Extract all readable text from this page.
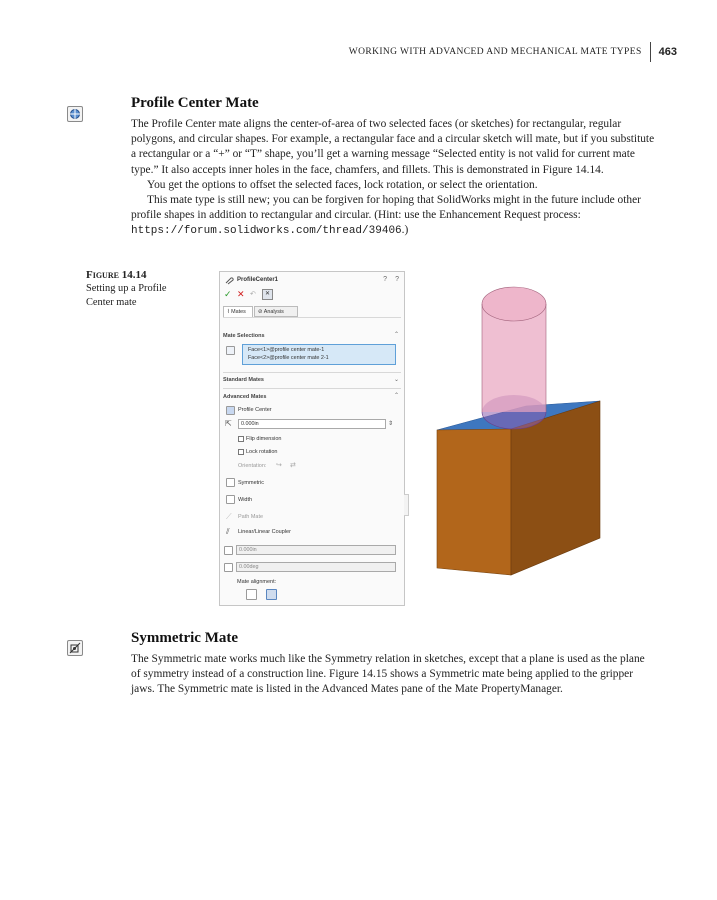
WORKING WITH ADVANCED AND MECHANICAL MATE TYPES 463
Profile Center Mate

The Profile Center mate aligns the center-of-area of two selected faces (or sketches) for rectangular, regular polygons, and circular shapes. For example, a rectangular face and a circular sketch will mate, but if you substitute a rectangular or a “+” or “T” shape, you’ll get a warning message “Selected entity is not valid for current mate type.” It also accepts inner holes in the face, chamfers, and fillets. This is demonstrated in Figure 14.14.

You get the options to offset the selected faces, lock rotation, or select the orientation.

This mate type is still new; you can be forgiven for hoping that SolidWorks might in the future include other profile shapes in addition to rectangular and circular. (Hint: use the Enhancement Request process: https://forum.solidworks.com/thread/39406.)

Figure 14.14
Setting up a Profile Center mate
ProfileCenter1	? ?
✓ ✕ ↶	✕
⌇ Mates	⊘ Analysis
Mate Selections	⌃
Face<1>@profile center mate-1
Face<2>@profile center mate 2-1
Standard Mates	⌄
Advanced Mates	⌃
Profile Center
⇱	0.000in	⇕
Flip dimension
Lock rotation
Orientation: ↪ ⇄
Symmetric
Width
⟋ Path Mate
⫽ Linear/Linear Coupler
0.000in
0.00deg
Mate alignment:
Symmetric Mate

The Symmetric mate works much like the Symmetry relation in sketches, except that a plane is used as the plane of symmetry instead of a construction line. Figure 14.15 shows a Symmetric mate being applied to the gripper jaws. The Symmetric mate is listed in the Advanced Mates pane of the Mate PropertyManager.
